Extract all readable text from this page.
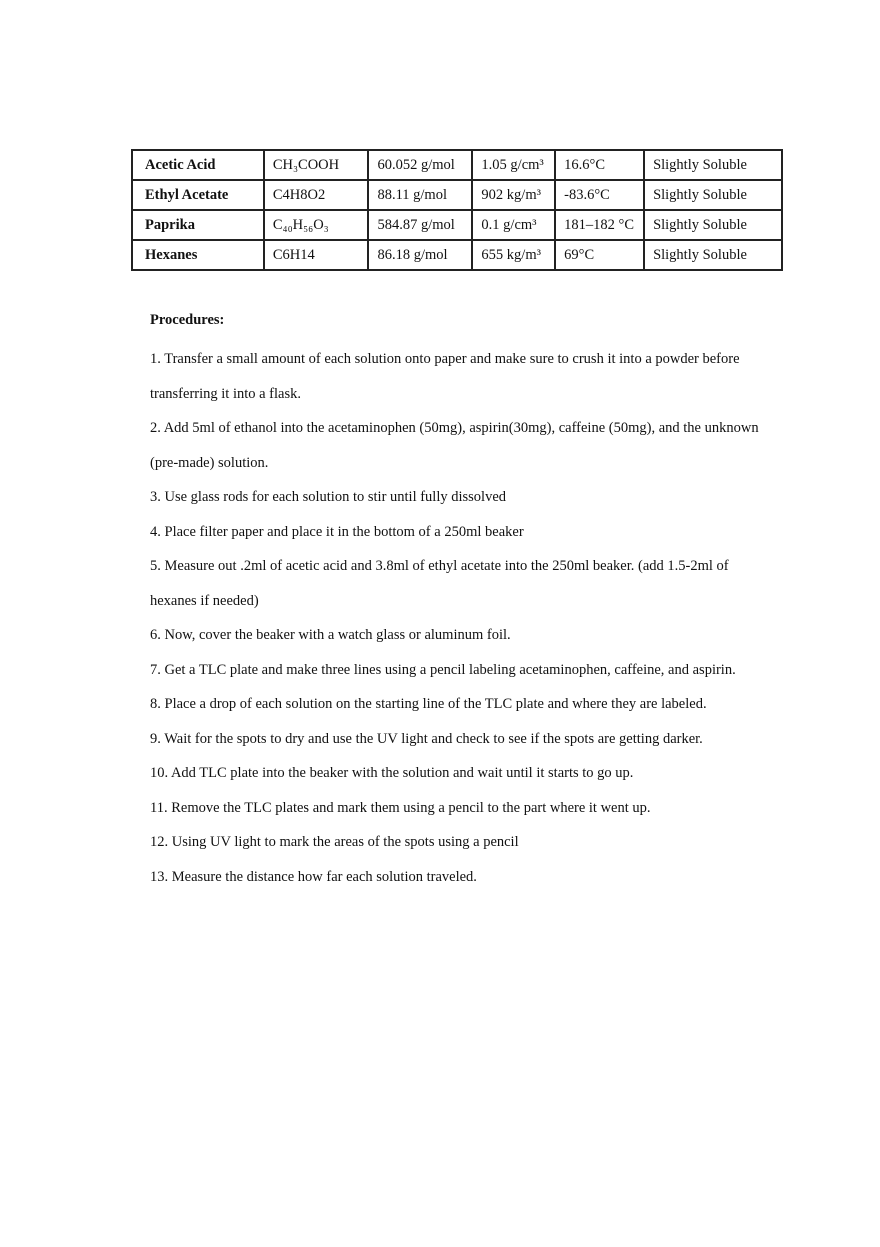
Acetic Acid	CH₃COOH	60.052 g/mol	1.05 g/cm³	16.6°C	Slightly Soluble
Ethyl Acetate	C4H8O2	88.11 g/mol	902 kg/m³	-83.6°C	Slightly Soluble
Paprika	C₄₀H₅₆O₃	584.87 g/mol	0.1 g/cm³	181–182 °C	Slightly Soluble
Hexanes	C6H14	86.18 g/mol	655 kg/m³	69°C	Slightly Soluble
Procedures:
1. Transfer a small amount of each solution onto paper and make sure to crush it into a powder before transferring it into a flask.
2. Add 5ml of ethanol into the acetaminophen (50mg), aspirin(30mg), caffeine (50mg), and the unknown (pre-made) solution.
3. Use glass rods for each solution to stir until fully dissolved
4. Place filter paper and place it in the bottom of a 250ml beaker
5. Measure out .2ml of acetic acid and 3.8ml of ethyl acetate into the 250ml beaker. (add 1.5-2ml of hexanes if needed)
6. Now, cover the beaker with a watch glass or aluminum foil.
7. Get a TLC plate and make three lines using a pencil labeling acetaminophen, caffeine, and aspirin.
8. Place a drop of each solution on the starting line of the TLC plate and where they are labeled.
9. Wait for the spots to dry and use the UV light and check to see if the spots are getting darker.
10. Add TLC plate into the beaker with the solution and wait until it starts to go up.
11. Remove the TLC plates and mark them using a pencil to the part where it went up.
12. Using UV light to mark the areas of the spots using a pencil
13. Measure the distance how far each solution traveled.
